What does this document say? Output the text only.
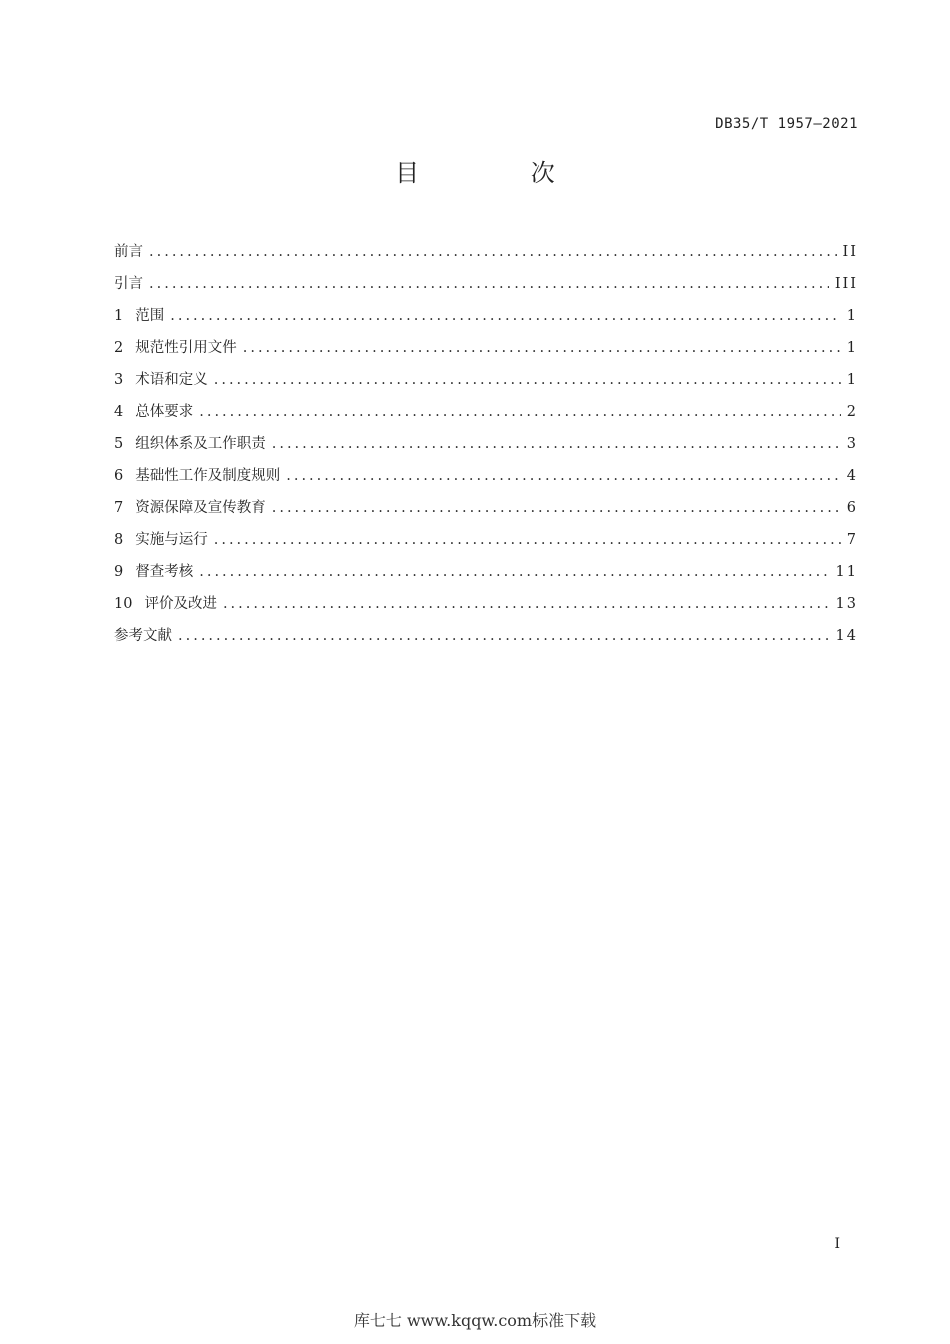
DB35/T 1957—2021
目 次
前言 .....	II
引言 .....	III
1 范围 .....	1
2 规范性引用文件 .....	1
3 术语和定义 .....	1
4 总体要求 .....	2
5 组织体系及工作职责 .....	3
6 基础性工作及制度规则 .....	4
7 资源保障及宣传教育 .....	6
8 实施与运行 .....	7
9 督查考核 .....	11
10 评价及改进 .....	13
参考文献 .....	14
I
库七七 www.kqqw.com标准下载
